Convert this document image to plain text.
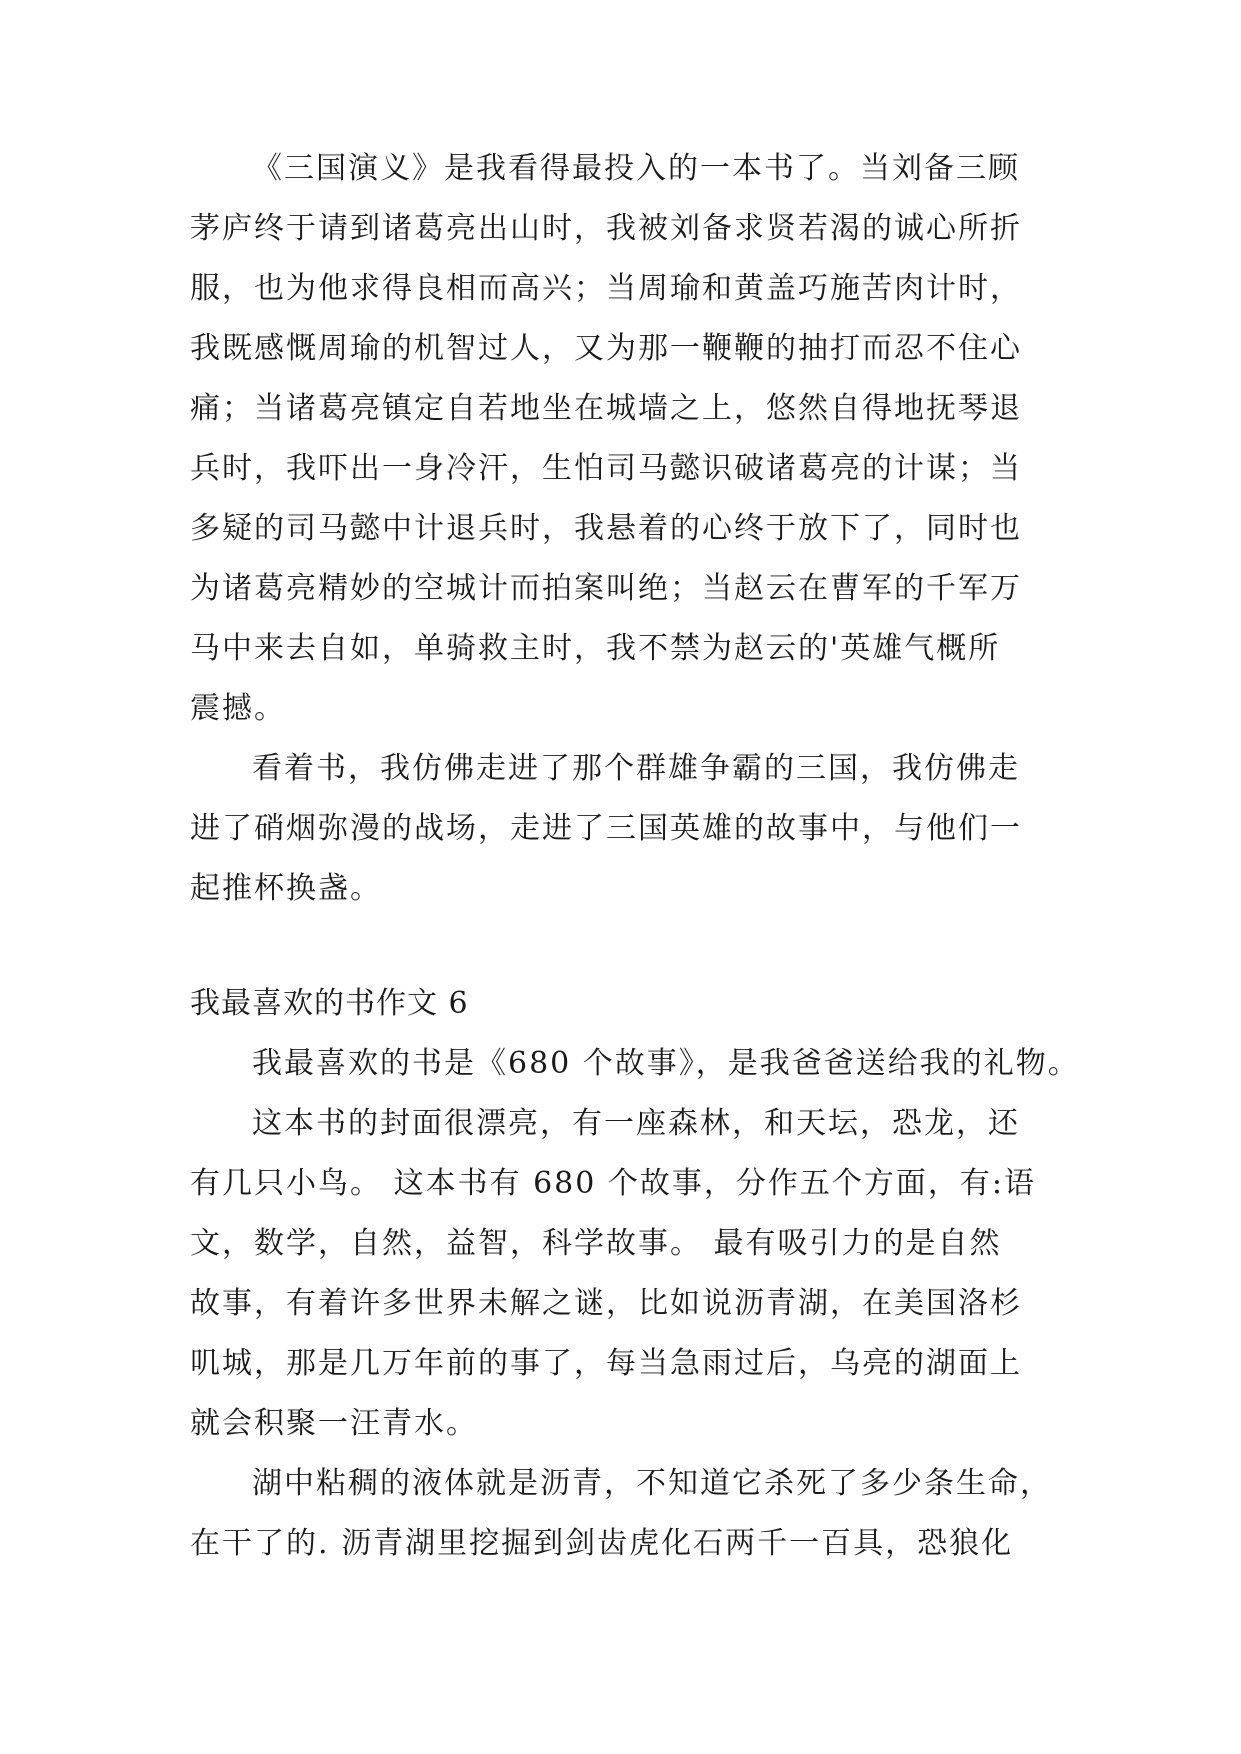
《三国演义》是我看得最投入的一本书了。当刘备三顾

茅庐终于请到诸葛亮出山时，我被刘备求贤若渴的诚心所折

服，也为他求得良相而高兴；当周瑜和黄盖巧施苦肉计时，

我既感慨周瑜的机智过人，又为那一鞭鞭的抽打而忍不住心

痛；当诸葛亮镇定自若地坐在城墙之上，悠然自得地抚琴退

兵时，我吓出一身冷汗，生怕司马懿识破诸葛亮的计谋；当

多疑的司马懿中计退兵时，我悬着的心终于放下了，同时也

为诸葛亮精妙的空城计而拍案叫绝；当赵云在曹军的千军万

马中来去自如，单骑救主时，我不禁为赵云的'英雄气概所

震撼。

看着书，我仿佛走进了那个群雄争霸的三国，我仿佛走

进了硝烟弥漫的战场，走进了三国英雄的故事中，与他们一

起推杯换盏。

我最喜欢的书作文 6

我最喜欢的书是《680 个故事》，是我爸爸送给我的礼物。

这本书的封面很漂亮，有一座森林，和天坛，恐龙，还

有几只小鸟。 这本书有 680 个故事，分作五个方面，有:语

文，数学，自然，益智，科学故事。 最有吸引力的是自然

故事，有着许多世界未解之谜，比如说沥青湖，在美国洛杉

叽城，那是几万年前的事了，每当急雨过后，乌亮的湖面上

就会积聚一汪青水。

湖中粘稠的液体就是沥青，不知道它杀死了多少条生命，

在干了的. 沥青湖里挖掘到剑齿虎化石两千一百具，恐狼化
